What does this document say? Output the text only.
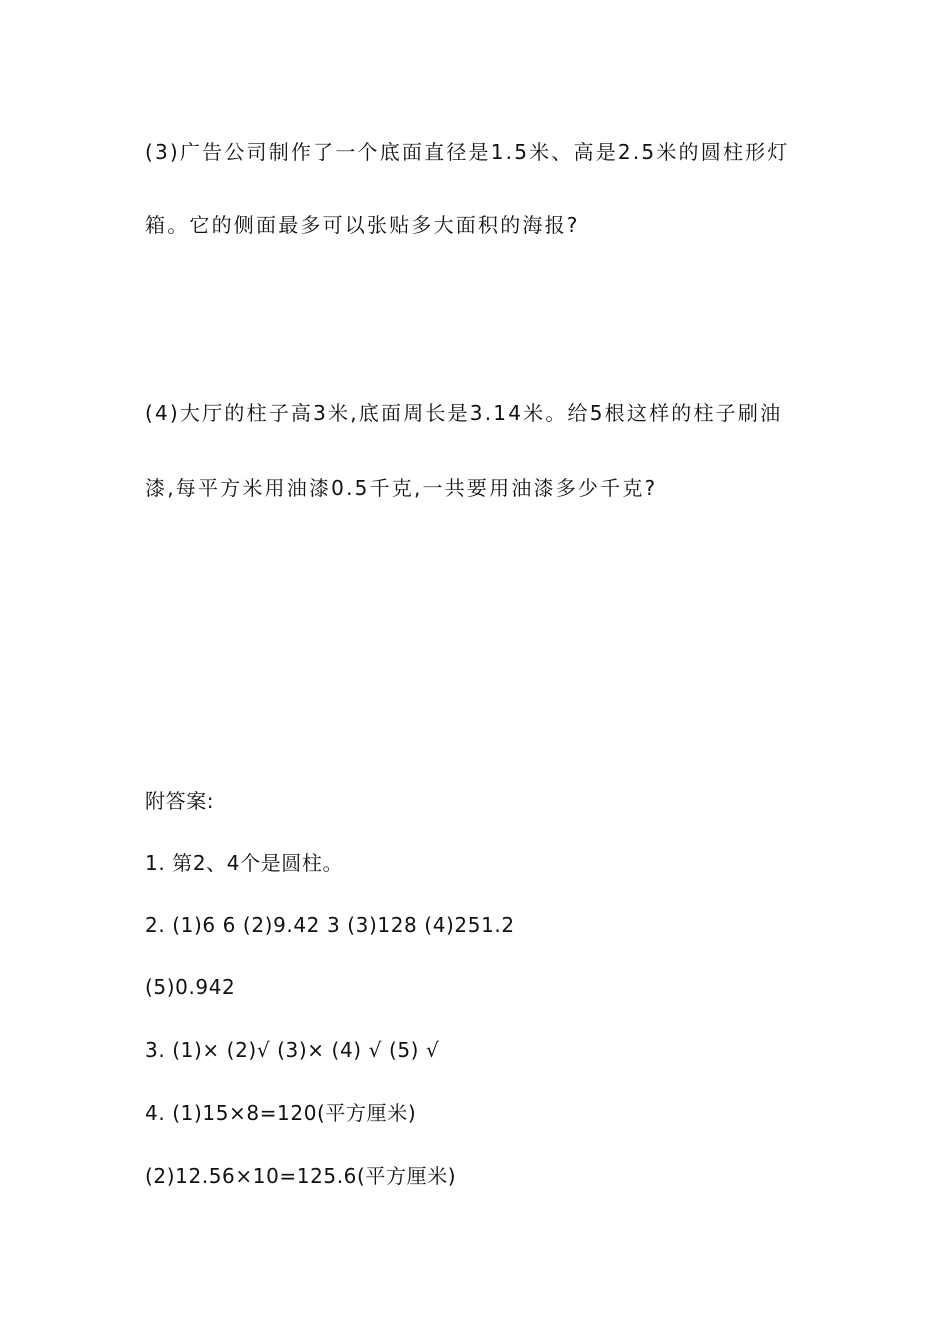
(3)广告公司制作了一个底面直径是1.5米、高是2.5米的圆柱形灯
箱。它的侧面最多可以张贴多大面积的海报?
(4)大厅的柱子高3米,底面周长是3.14米。给5根这样的柱子刷油
漆,每平方米用油漆0.5千克,一共要用油漆多少千克?
附答案:
1. 第2、4个是圆柱。
2. (1)6 6 (2)9.42 3 (3)128 (4)251.2
(5)0.942
3. (1)× (2)√ (3)× (4) √ (5) √
4. (1)15×8=120(平方厘米)
(2)12.56×10=125.6(平方厘米)
